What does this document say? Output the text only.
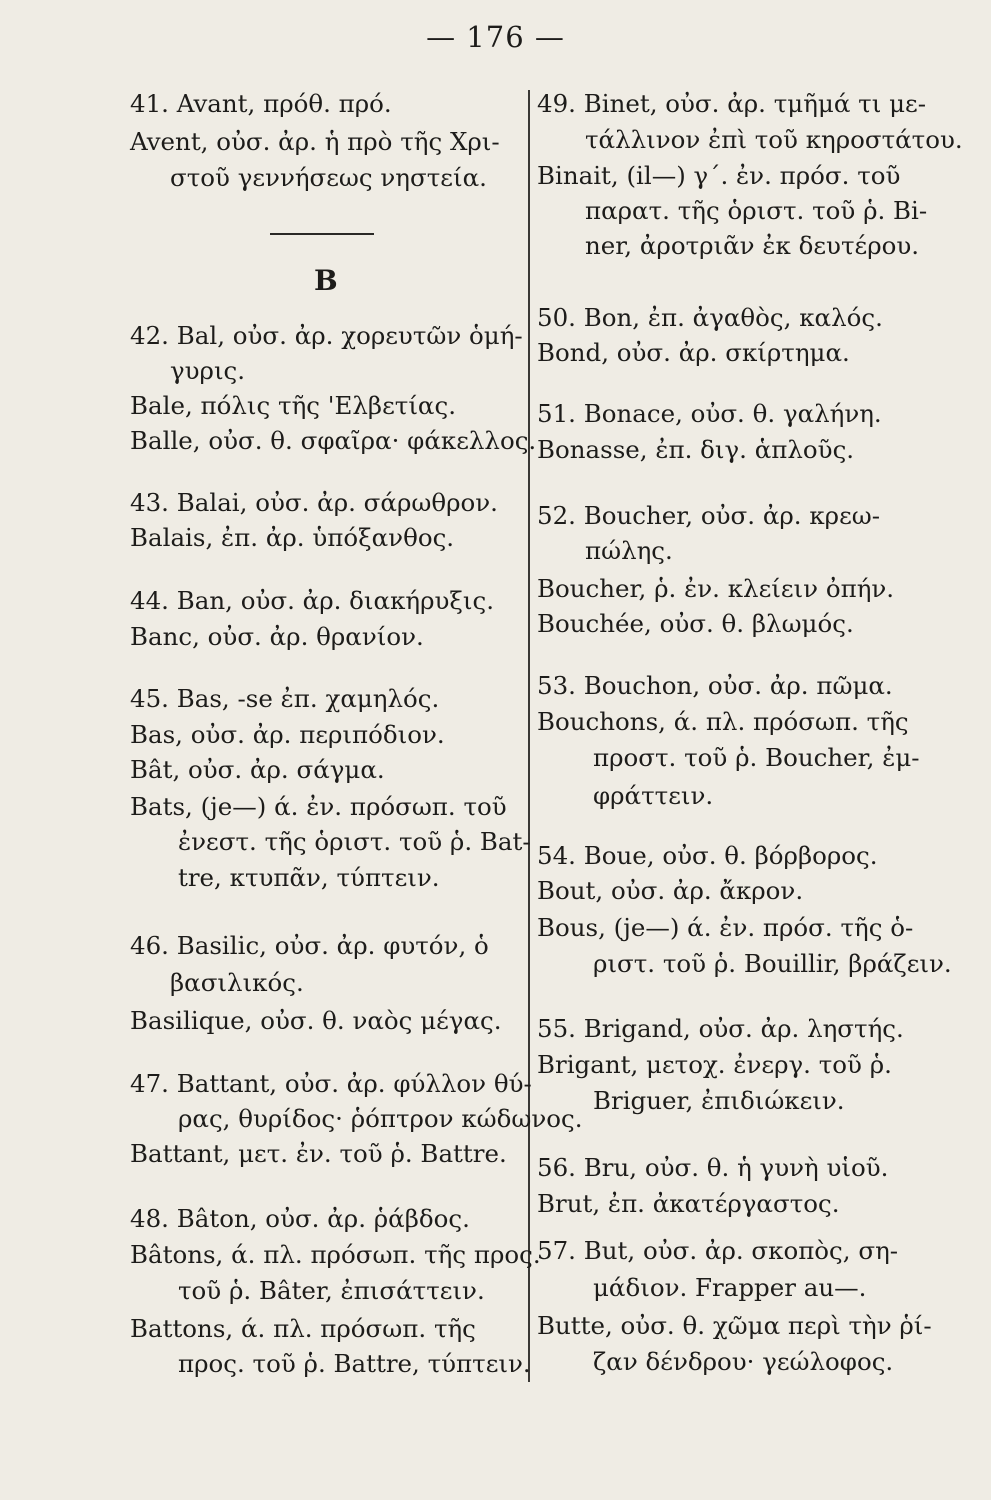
— 176 —
B
41. Avant, πρόθ. πρό.
Avent, οὐσ. ἀρ. ἡ πρὸ τῆς Χρι-
στοῦ γεννήσεως νηστεία.
42. Bal, οὐσ. ἀρ. χορευτῶν ὁμή-
γυρις.
Bale, πόλις τῆς 'Ελβετίας.
Balle, οὐσ. θ. σφαῖρα· φάκελλος.
43. Balai, οὐσ. ἀρ. σάρωθρον.
Balais, ἐπ. ἀρ. ὑπόξανθος.
44. Ban, οὐσ. ἀρ. διακήρυξις.
Banc, οὐσ. ἀρ. θρανίον.
45. Bas, -se ἐπ. χαμηλός.
Bas, οὐσ. ἀρ. περιπόδιον.
Bât, οὐσ. ἀρ. σάγμα.
Bats, (je—) ά. ἐν. πρόσωπ. τοῦ
ἐνεστ. τῆς ὁριστ. τοῦ ῥ. Bat-
tre, κτυπᾶν, τύπτειν.
46. Basilic, οὐσ. ἀρ. φυτόν, ὁ
βασιλικός.
Basilique, οὐσ. θ. ναὸς μέγας.
47. Battant, οὐσ. ἀρ. φύλλον θύ-
ρας, θυρίδος· ῥόπτρον κώδωνος.
Battant, μετ. ἐν. τοῦ ῥ. Battre.
48. Bâton, οὐσ. ἀρ. ῥάβδος.
Bâtons, ά. πλ. πρόσωπ. τῆς προς.
τοῦ ῥ. Bâter, ἐπισάττειν.
Battons, ά. πλ. πρόσωπ. τῆς
προς. τοῦ ῥ. Battre, τύπτειν.
49. Binet, οὐσ. ἀρ. τμῆμά τι με-
τάλλινον ἐπὶ τοῦ κηροστάτου.
Binait, (il—) γ΄. ἐν. πρόσ. τοῦ
παρατ. τῆς ὁριστ. τοῦ ῥ. Bi-
ner, ἀροτριᾶν ἐκ δευτέρου.
50. Bon, ἐπ. ἀγαθὸς, καλός.
Bond, οὐσ. ἀρ. σκίρτημα.
51. Bonace, οὐσ. θ. γαλήνη.
Bonasse, ἐπ. διγ. ἁπλοῦς.
52. Boucher, οὐσ. ἀρ. κρεω-
πώλης.
Boucher, ῥ. ἐν. κλείειν ὀπήν.
Bouchée, οὐσ. θ. βλωμός.
53. Bouchon, οὐσ. ἀρ. πῶμα.
Bouchons, ά. πλ. πρόσωπ. τῆς
προστ. τοῦ ῥ. Boucher, ἐμ-
φράττειν.
54. Boue, οὐσ. θ. βόρβορος.
Bout, οὐσ. ἀρ. ἄκρον.
Bous, (je—) ά. ἐν. πρόσ. τῆς ὁ-
ριστ. τοῦ ῥ. Bouillir, βράζειν.
55. Brigand, οὐσ. ἀρ. ληστής.
Brigant, μετοχ. ἐνεργ. τοῦ ῥ.
Briguer, ἐπιδιώκειν.
56. Bru, οὐσ. θ. ἡ γυνὴ υἱοῦ.
Brut, ἐπ. ἀκατέργαστος.
57. But, οὐσ. ἀρ. σκοπὸς, ση-
μάδιον. Frapper au—.
Butte, οὐσ. θ. χῶμα περὶ τὴν ῥί-
ζαν δένδρου· γεώλοφος.
